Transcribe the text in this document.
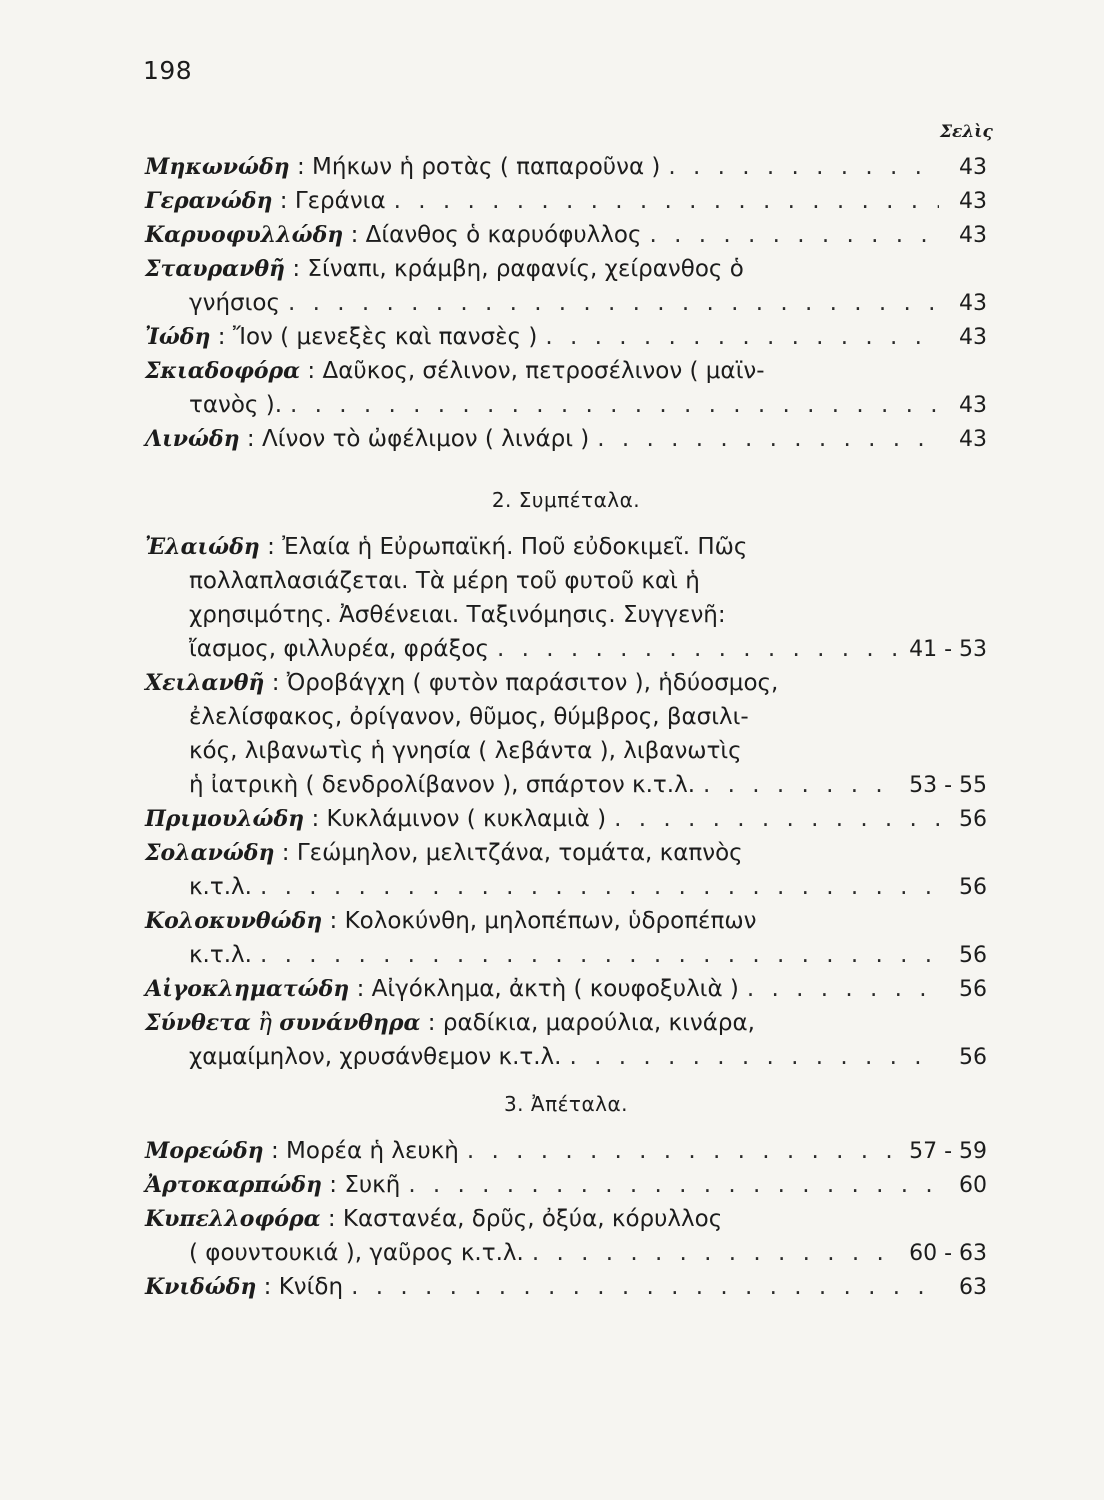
198
Σελὶς
Μηκωνώδη : Μήκων ἡ ροτὰς ( παπαροῦνα ) . . .	43
Γερανώδη : Γεράνια . . .	43
Καρυοφυλλώδη : Δίανθος ὁ καρυόφυλλος . . .	43
Σταυρανθῆ : Σίναπι, κράμβη, ραφανίς, χείρανθος ὁ
γνήσιος . . .	43
Ἰώδη : Ἴον ( μενεξὲς καὶ πανσὲς ) . . .	43
Σκιαδοφόρα : Δαῦκος, σέλινον, πετροσέλινον ( μαϊν-
τανὸς ). . . .	43
Λινώδη : Λίνον τὸ ὠφέλιμον ( λινάρι ) . . .	43
2. Συμπέταλα.
Ἐλαιώδη : Ἐλαία ἡ Εὐρωπαϊκή. Ποῦ εὐδοκιμεῖ. Πῶς
πολλαπλασιάζεται. Τὰ μέρη τοῦ φυτοῦ καὶ ἡ
χρησιμότης. Ἀσθένειαι. Ταξινόμησις. Συγγενῆ:
ἴασμος, φιλλυρέα, φράξος . . .	41 - 53
Χειλανθῆ : Ὀροβάγχη ( φυτὸν παράσιτον ), ἡδύοσμος,
ἐλελίσφακος, ὀρίγανον, θῦμος, θύμβρος, βασιλι-
κός, λιβανωτὶς ἡ γνησία ( λεβάντα ), λιβανωτὶς
ἡ ἰατρικὴ ( δενδρολίβανον ), σπάρτον κ.τ.λ. . . .	53 - 55
Πριμουλώδη : Κυκλάμινον ( κυκλαμιὰ ) . . .	56
Σολανώδη : Γεώμηλον, μελιτζάνα, τομάτα, καπνὸς
κ.τ.λ. . . .	56
Κολοκυνθώδη : Κολοκύνθη, μηλοπέπων, ὑδροπέπων
κ.τ.λ. . . .	56
Αἰγοκληματώδη : Αἰγόκλημα, ἀκτὴ ( κουφοξυλιὰ ) . . .	56
Σύνθετα ἢ συνάνθηρα : ραδίκια, μαρούλια, κινάρα,
χαμαίμηλον, χρυσάνθεμον κ.τ.λ. . . .	56
3. Ἀπέταλα.
Μορεώδη : Μορέα ἡ λευκὴ . . .	57 - 59
Ἀρτοκαρπώδη : Συκῆ . . .	60
Κυπελλοφόρα : Καστανέα, δρῦς, ὀξύα, κόρυλλος
( φουντουκιά ), γαῦρος κ.τ.λ. . . .	60 - 63
Κνιδώδη : Κνίδη . . .	63
